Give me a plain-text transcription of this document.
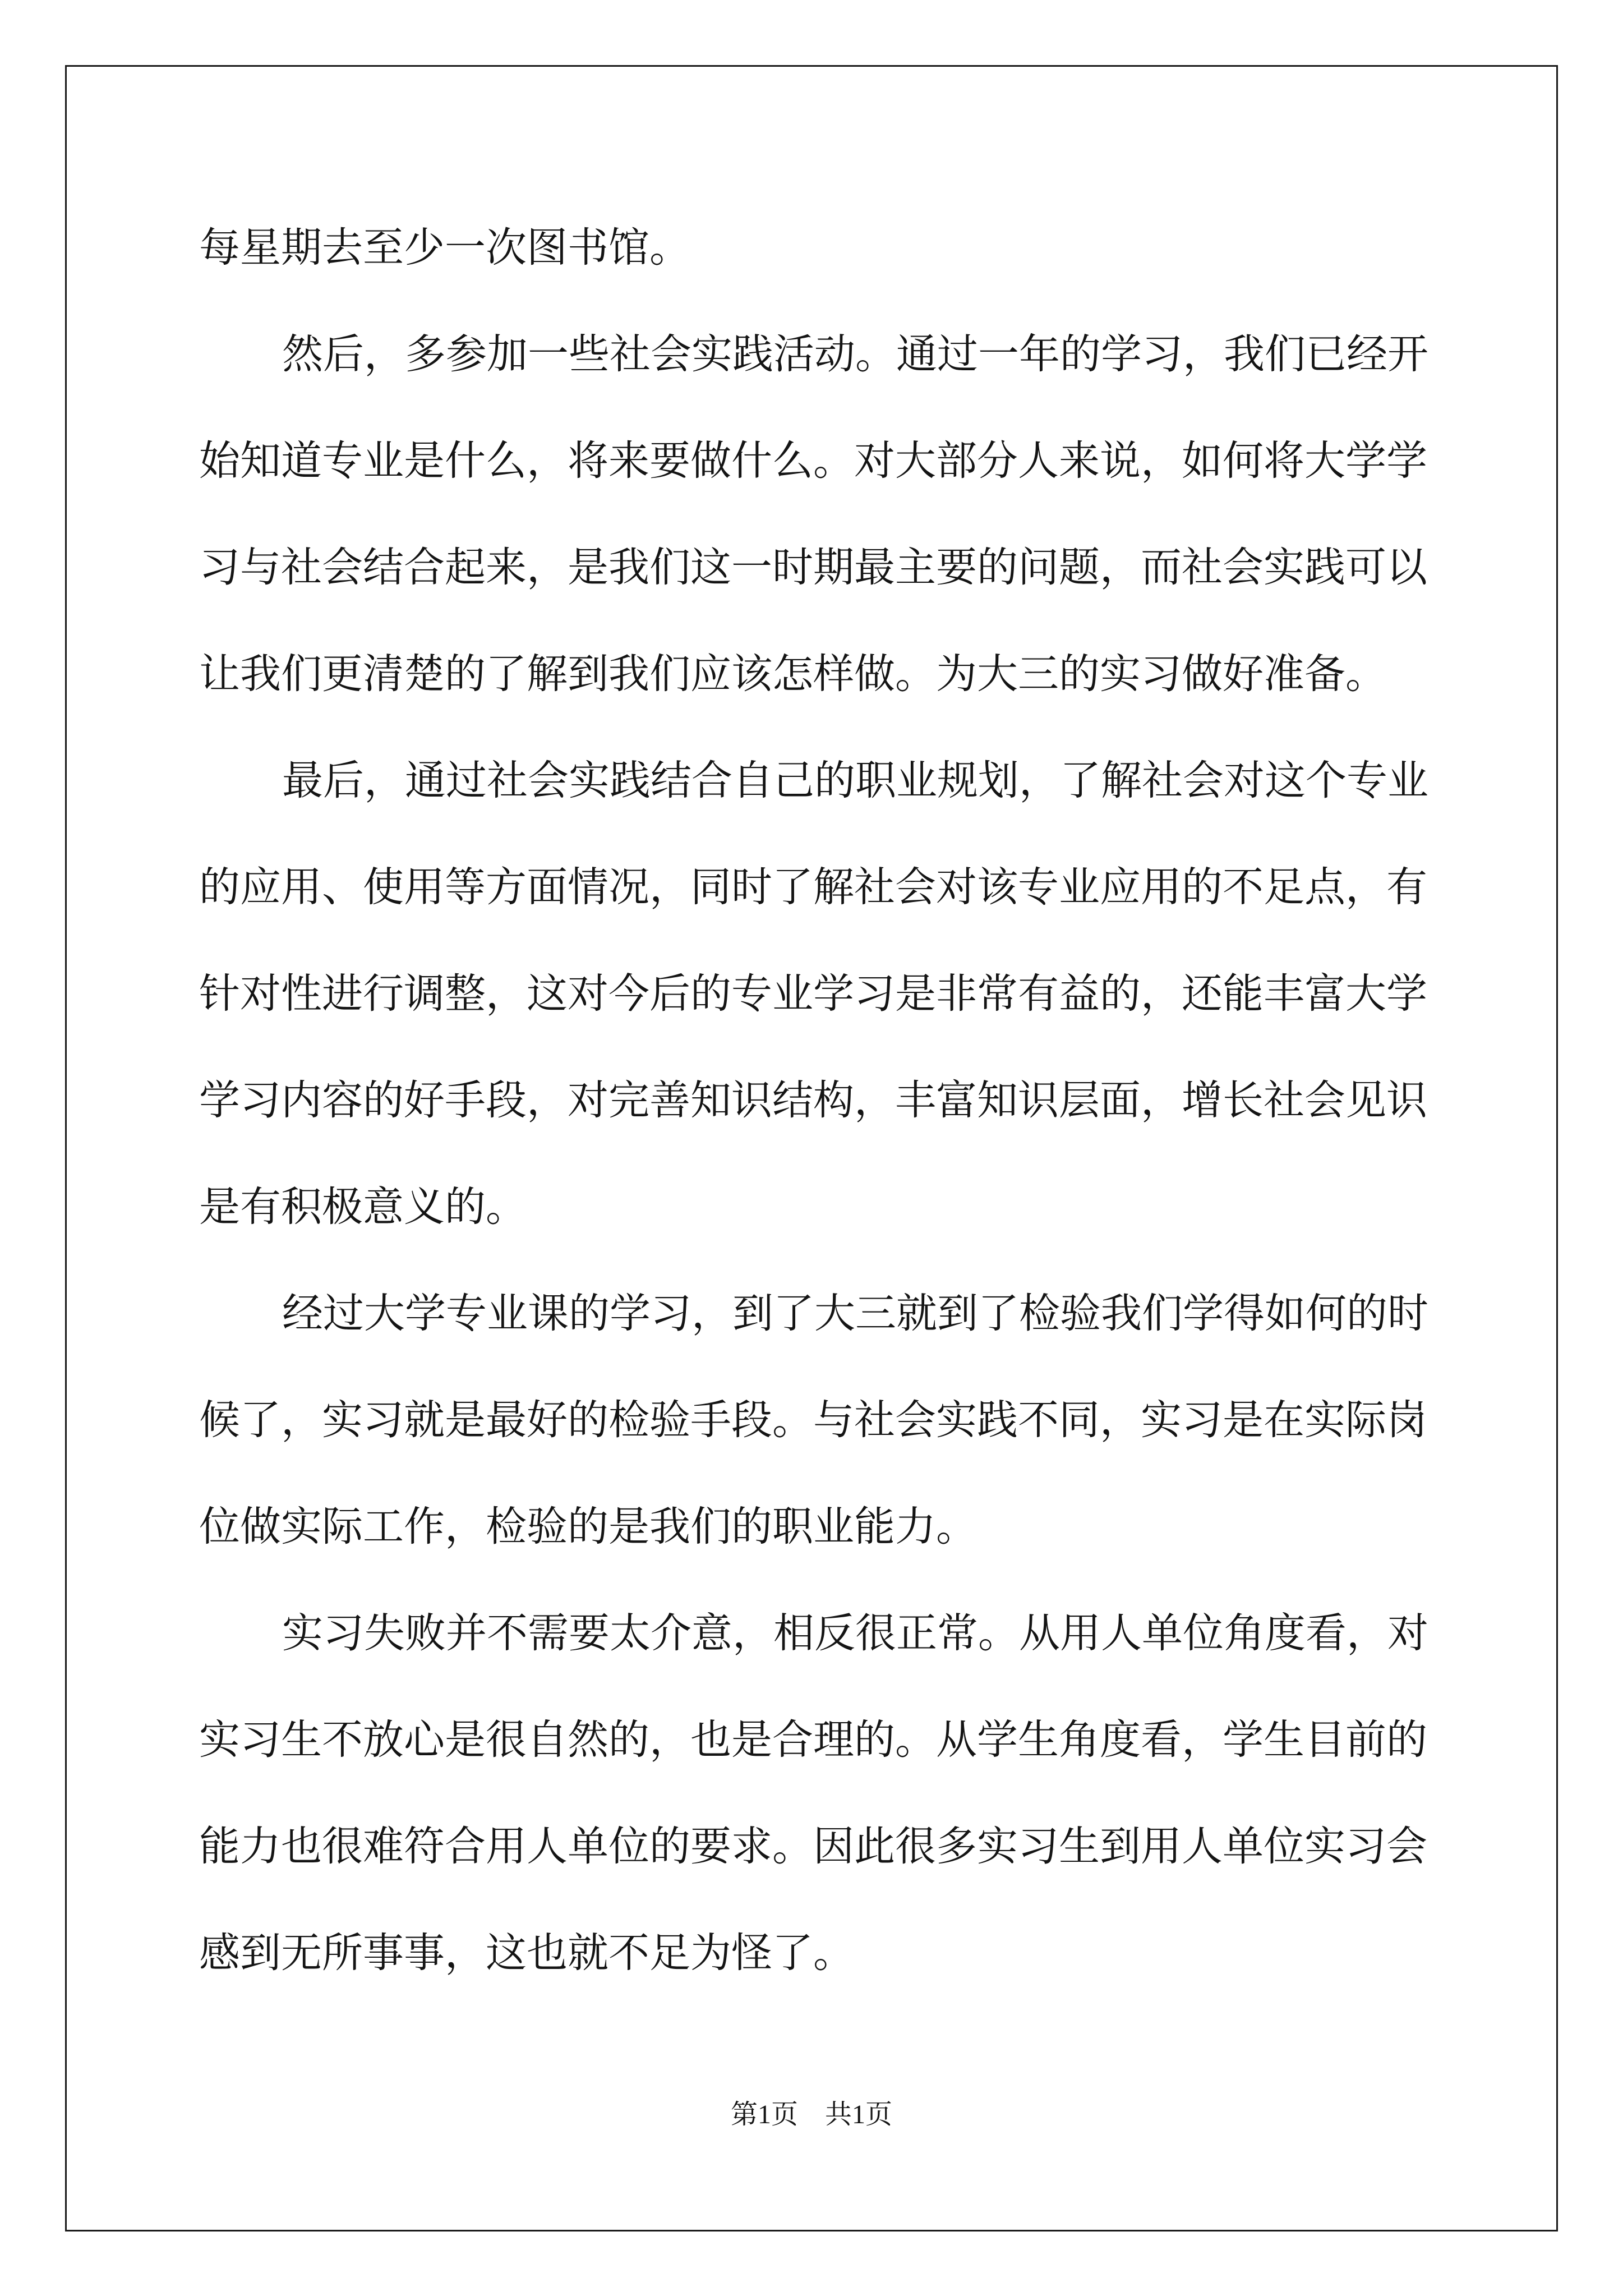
每星期去至少一次图书馆。
然 后 ， 多 参 加 一 些 社 会 实 践 活 动 。 通 过 一 年 的 学 习 ， 我 们 已 经 开
始 知 道 专 业 是 什 么 ， 将 来 要 做 什 么 。 对 大 部 分 人 来 说 ， 如 何 将 大 学 学
习 与 社 会 结 合 起 来 ， 是 我 们 这 一 时 期 最 主 要 的 问 题 ， 而 社 会 实 践 可 以
让我们更清楚的了解到我们应该怎样做。为大三的实习做好准备。
最 后 ， 通 过 社 会 实 践 结 合 自 己 的 职 业 规 划 ， 了 解 社 会 对 这 个 专 业
的 应 用 、 使 用 等 方 面 情 况 ， 同 时 了 解 社 会 对 该 专 业 应 用 的 不 足 点 ， 有
针 对 性 进 行 调 整 ， 这 对 今 后 的 专 业 学 习 是 非 常 有 益 的 ， 还 能 丰 富 大 学
学 习 内 容 的 好 手 段 ， 对 完 善 知 识 结 构 ， 丰 富 知 识 层 面 ， 增 长 社 会 见 识
是有积极意义的。
经 过 大 学 专 业 课 的 学 习 ， 到 了 大 三 就 到 了 检 验 我 们 学 得 如 何 的 时
候 了 ， 实 习 就 是 最 好 的 检 验 手 段 。 与 社 会 实 践 不 同 ， 实 习 是 在 实 际 岗
位做实际工作，检验的是我们的职业能力。
实 习 失 败 并 不 需 要 太 介 意 ， 相 反 很 正 常 。 从 用 人 单 位 角 度 看 ， 对
实 习 生 不 放 心 是 很 自 然 的 ， 也 是 合 理 的 。 从 学 生 角 度 看 ， 学 生 目 前 的
能 力 也 很 难 符 合 用 人 单 位 的 要 求 。 因 此 很 多 实 习 生 到 用 人 单 位 实 习 会
感到无所事事，这也就不足为怪了。
第1页　共1页
